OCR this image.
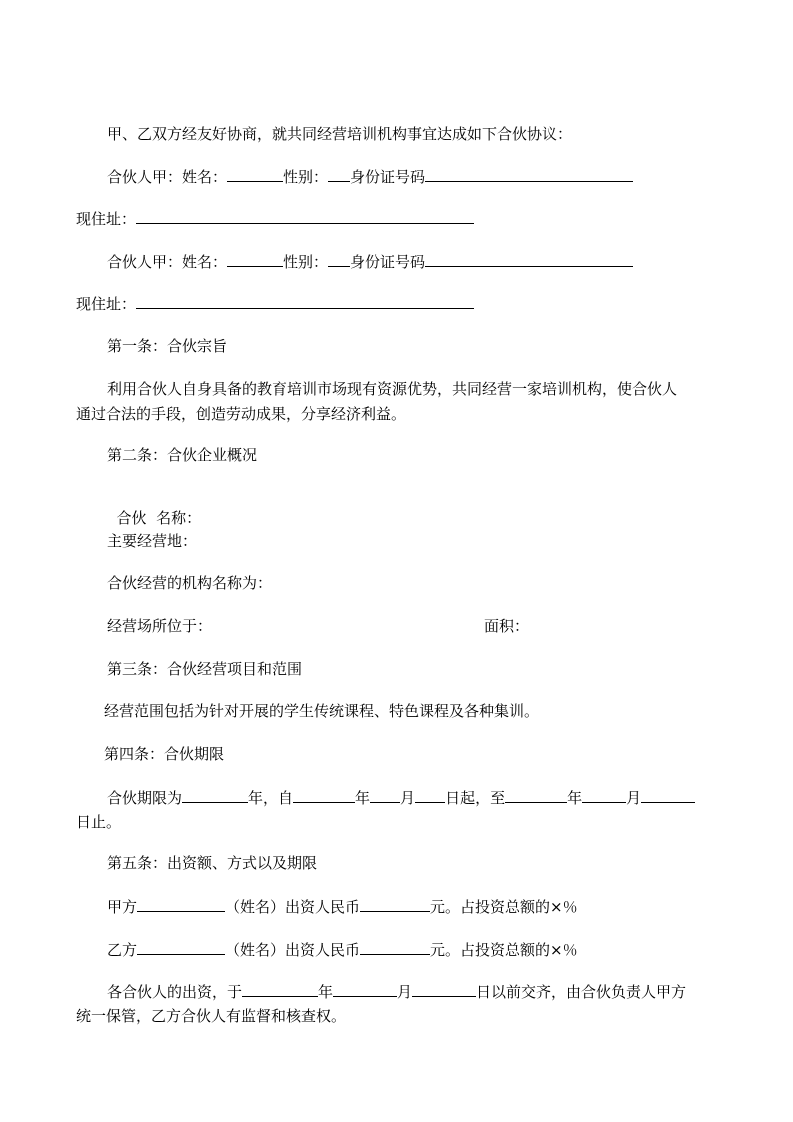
甲、乙双方经友好协商，就共同经营培训机构事宜达成如下合伙协议：
合伙人甲：姓名：	性别： 身份证号码
现住址：
合伙人甲：姓名：	性别： 身份证号码
现住址：
第一条：合伙宗旨
利用合伙人自身具备的教育培训市场现有资源优势，共同经营一家培训机构，使合伙人
通过合法的手段，创造劳动成果，分享经济利益。
第二条：合伙企业概况

合伙  名称：

主要经营地：
合伙经营的机构名称为：
经营场所位于：	面积：
第三条：合伙经营项目和范围
经营范围包括为针对开展的学生传统课程、特色课程及各种集训。
第四条：合伙期限
合伙期限为	年，自	年 月 日起，至	年	月
日止。
第五条：出资额、方式以及期限
甲方	（姓名）出资人民币	元。占投资总额的×％
乙方	（姓名）出资人民币	元。占投资总额的×％
各合伙人的出资，于	年	月	日以前交齐，由合伙负责人甲方
统一保管，乙方合伙人有监督和核查权。
